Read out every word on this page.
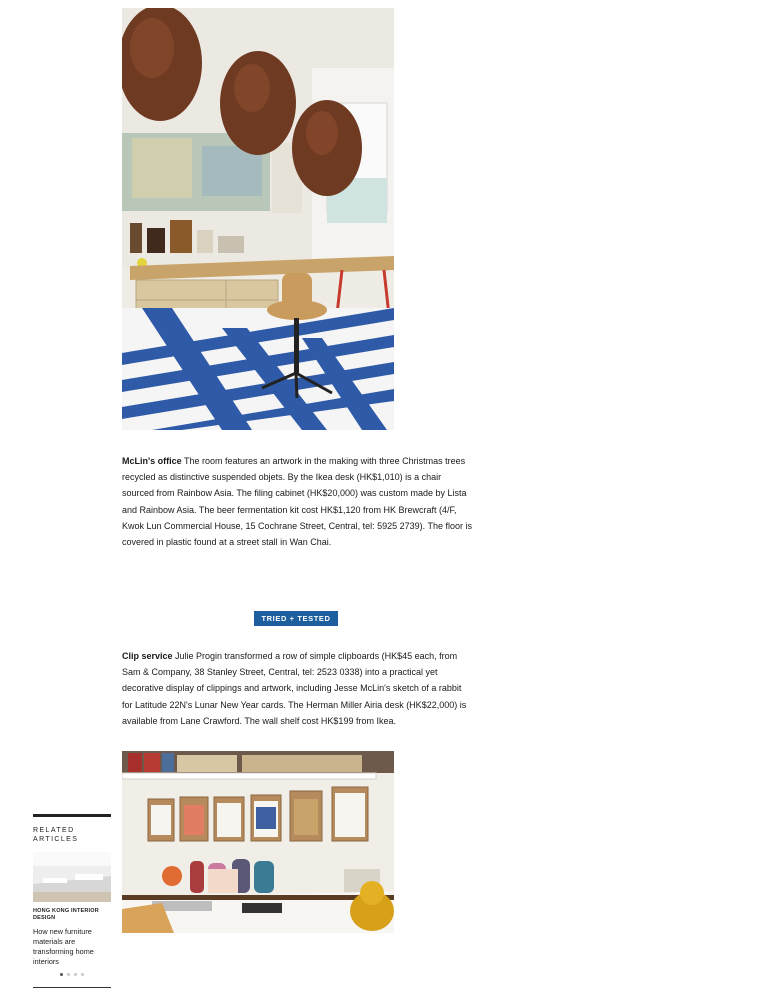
McLin's office The room features an artwork in the making with three Christmas trees recycled as distinctive suspended objets. By the Ikea desk (HK$1,010) is a chair sourced from Rainbow Asia. The filing cabinet (HK$20,000) was custom made by Lista and Rainbow Asia. The beer fermentation kit cost HK$1,120 from HK Brewcraft (4/F, Kwok Lun Commercial House, 15 Cochrane Street, Central, tel: 5925 2739). The floor is covered in plastic found at a street stall in Wan Chai.
TRIED + TESTED
Clip service Julie Progin transformed a row of simple clipboards (HK$45 each, from Sam & Company, 38 Stanley Street, Central, tel: 2523 0338) into a practical yet decorative display of clippings and artwork, including Jesse McLin's sketch of a rabbit for Latitude 22N's Lunar New Year cards. The Herman Miller Airia desk (HK$22,000) is available from Lane Crawford. The wall shelf cost HK$199 from Ikea.
RELATED
ARTICLES
HONG KONG INTERIOR DESIGN
How new furniture materials are transforming home interiors
